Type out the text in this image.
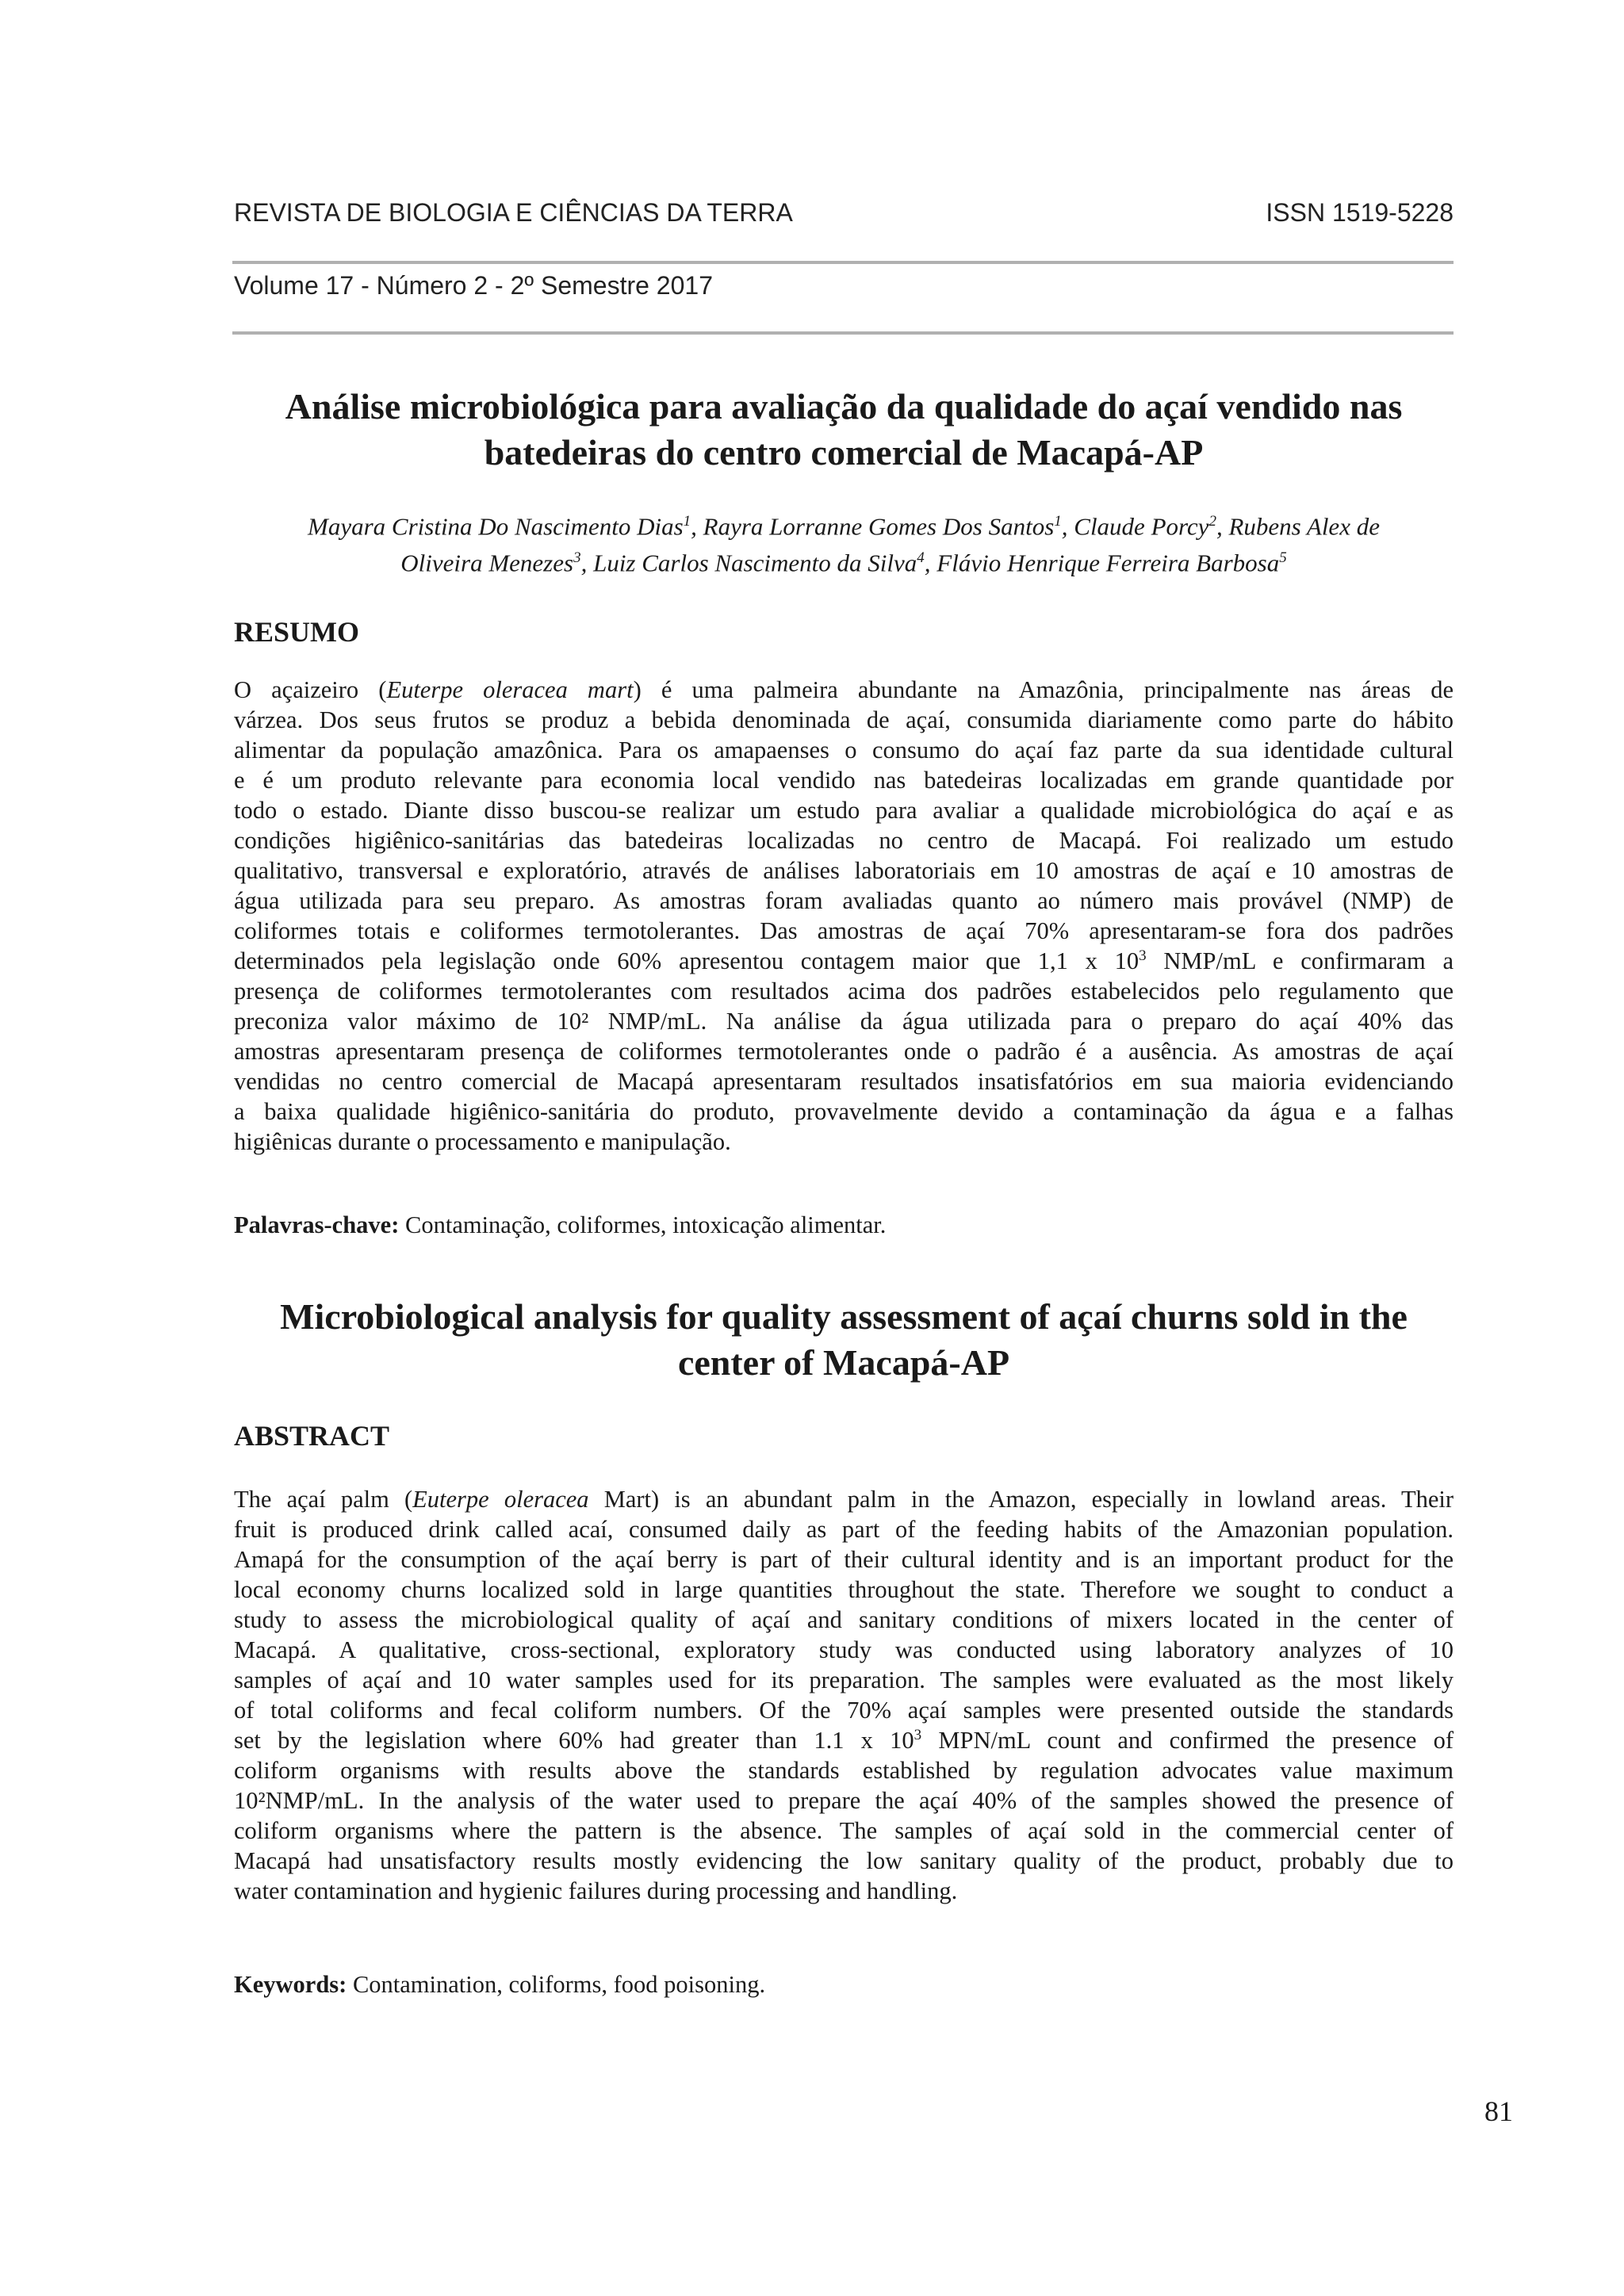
REVISTA DE BIOLOGIA E CIÊNCIAS DA TERRA	ISSN 1519-5228
Volume 17 - Número 2 - 2º Semestre 2017
Análise microbiológica para avaliação da qualidade do açaí vendido nas
batedeiras do centro comercial de Macapá-AP
Mayara Cristina Do Nascimento Dias$^1$, Rayra Lorranne Gomes Dos Santos$^1$, Claude Porcy$^2$, Rubens Alex de
Oliveira Menezes$^3$, Luiz Carlos Nascimento da Silva$^4$, Flávio Henrique Ferreira Barbosa$^5$
RESUMO
O açaizeiro (Euterpe oleracea mart) é uma palmeira abundante na Amazônia, principalmente nas áreas de
várzea. Dos seus frutos se produz a bebida denominada de açaí, consumida diariamente como parte do hábito
alimentar da população amazônica. Para os amapaenses o consumo do açaí faz parte da sua identidade cultural
e é um produto relevante para economia local vendido nas batedeiras localizadas em grande quantidade por
todo o estado. Diante disso buscou-se realizar um estudo para avaliar a qualidade microbiológica do açaí e as
condições higiênico-sanitárias das batedeiras localizadas no centro de Macapá. Foi realizado um estudo
qualitativo, transversal e exploratório, através de análises laboratoriais em 10 amostras de açaí e 10 amostras de
água utilizada para seu preparo. As amostras foram avaliadas quanto ao número mais provável (NMP) de
coliformes totais e coliformes termotolerantes. Das amostras de açaí 70% apresentaram-se fora dos padrões
determinados pela legislação onde 60% apresentou contagem maior que 1,1 x $10^3$ NMP/mL e confirmaram a
presença de coliformes termotolerantes com resultados acima dos padrões estabelecidos pelo regulamento que
preconiza valor máximo de 10² NMP/mL. Na análise da água utilizada para o preparo do açaí 40% das
amostras apresentaram presença de coliformes termotolerantes onde o padrão é a ausência. As amostras de açaí
vendidas no centro comercial de Macapá apresentaram resultados insatisfatórios em sua maioria evidenciando
a baixa qualidade higiênico-sanitária do produto, provavelmente devido a contaminação da água e a falhas
higiênicas durante o processamento e manipulação.
Palavras-chave: Contaminação, coliformes, intoxicação alimentar.
Microbiological analysis for quality assessment of açaí churns sold in the
center of Macapá-AP
ABSTRACT
The açaí palm (Euterpe oleracea Mart) is an abundant palm in the Amazon, especially in lowland areas. Their
fruit is produced drink called acaí, consumed daily as part of the feeding habits of the Amazonian population.
Amapá for the consumption of the açaí berry is part of their cultural identity and is an important product for the
local economy churns localized sold in large quantities throughout the state. Therefore we sought to conduct a
study to assess the microbiological quality of açaí and sanitary conditions of mixers located in the center of
Macapá. A qualitative, cross-sectional, exploratory study was conducted using laboratory analyzes of 10
samples of açaí and 10 water samples used for its preparation. The samples were evaluated as the most likely
of total coliforms and fecal coliform numbers. Of the 70% açaí samples were presented outside the standards
set by the legislation where 60% had greater than 1.1 x $10^3$ MPN/mL count and confirmed the presence of
coliform organisms with results above the standards established by regulation advocates value maximum
10²NMP/mL. In the analysis of the water used to prepare the açaí 40% of the samples showed the presence of
coliform organisms where the pattern is the absence. The samples of açaí sold in the commercial center of
Macapá had unsatisfactory results mostly evidencing the low sanitary quality of the product, probably due to
water contamination and hygienic failures during processing and handling.
Keywords: Contamination, coliforms, food poisoning.
81
